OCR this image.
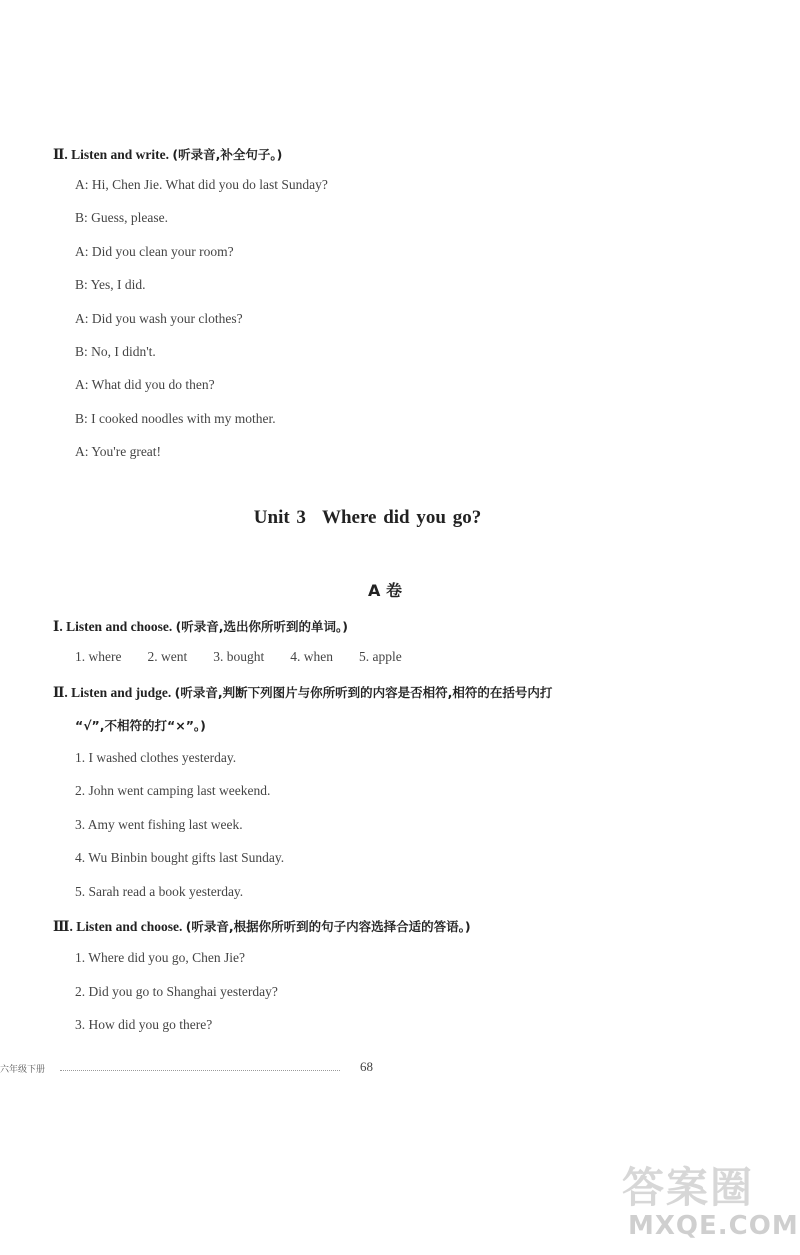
Ⅱ. Listen and write. (听录音,补全句子。)
A: Hi, Chen Jie. What did you do last Sunday?
B: Guess, please.
A: Did you clean your room?
B: Yes, I did.
A: Did you wash your clothes?
B: No, I didn't.
A: What did you do then?
B: I cooked noodles with my mother.
A: You're great!
Unit 3 Where did you go?
A 卷
Ⅰ. Listen and choose. (听录音,选出你所听到的单词。)
1. where 2. went 3. bought 4. when 5. apple
Ⅱ. Listen and judge. (听录音,判断下列图片与你所听到的内容是否相符,相符的在括号内打
“√”,不相符的打“×”。)
1. I washed clothes yesterday.
2. John went camping last weekend.
3. Amy went fishing last week.
4. Wu Binbin bought gifts last Sunday.
5. Sarah read a book yesterday.
Ⅲ. Listen and choose. (听录音,根据你所听到的句子内容选择合适的答语。)
1. Where did you go, Chen Jie?
2. Did you go to Shanghai yesterday?
3. How did you go there?
六年级下册	68
答案圈
MXQE.COM
